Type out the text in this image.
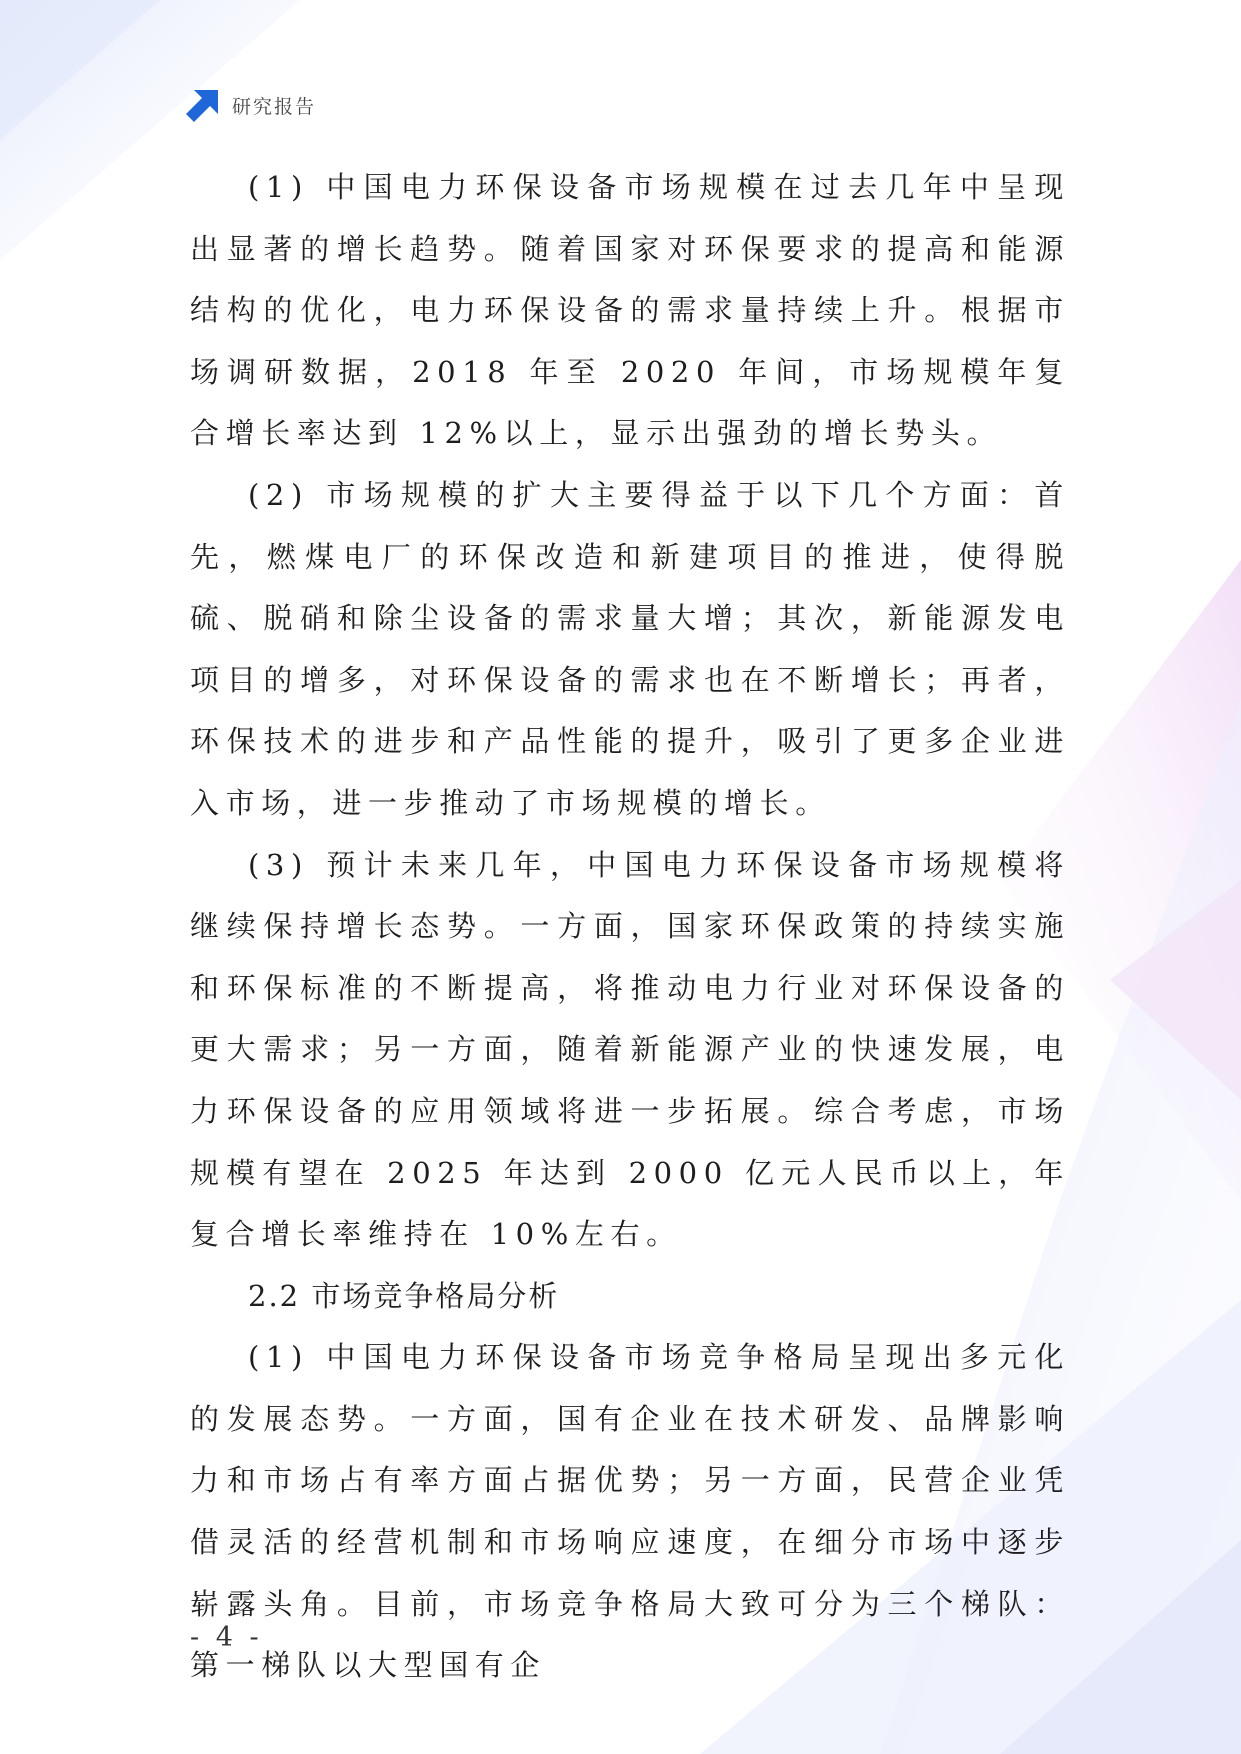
研究报告

(1) 中国电力环保设备市场规模在过去几年中呈现出显著的增长趋势。随着国家对环保要求的提高和能源结构的优化，电力环保设备的需求量持续上升。根据市场调研数据，2018 年至 2020 年间，市场规模年复合增长率达到 12%以上，显示出强劲的增长势头。

(2) 市场规模的扩大主要得益于以下几个方面：首先，燃煤电厂的环保改造和新建项目的推进，使得脱硫、脱硝和除尘设备的需求量大增；其次，新能源发电项目的增多，对环保设备的需求也在不断增长；再者，环保技术的进步和产品性能的提升，吸引了更多企业进入市场，进一步推动了市场规模的增长。

(3) 预计未来几年，中国电力环保设备市场规模将继续保持增长态势。一方面，国家环保政策的持续实施和环保标准的不断提高，将推动电力行业对环保设备的更大需求；另一方面，随着新能源产业的快速发展，电力环保设备的应用领域将进一步拓展。综合考虑，市场规模有望在 2025 年达到 2000 亿元人民币以上，年复合增长率维持在 10%左右。

2.2 市场竞争格局分析

(1) 中国电力环保设备市场竞争格局呈现出多元化的发展态势。一方面，国有企业在技术研发、品牌影响力和市场占有率方面占据优势；另一方面，民营企业凭借灵活的经营机制和市场响应速度，在细分市场中逐步崭露头角。目前，市场竞争格局大致可分为三个梯队：第一梯队以大型国有企

- 4 -
